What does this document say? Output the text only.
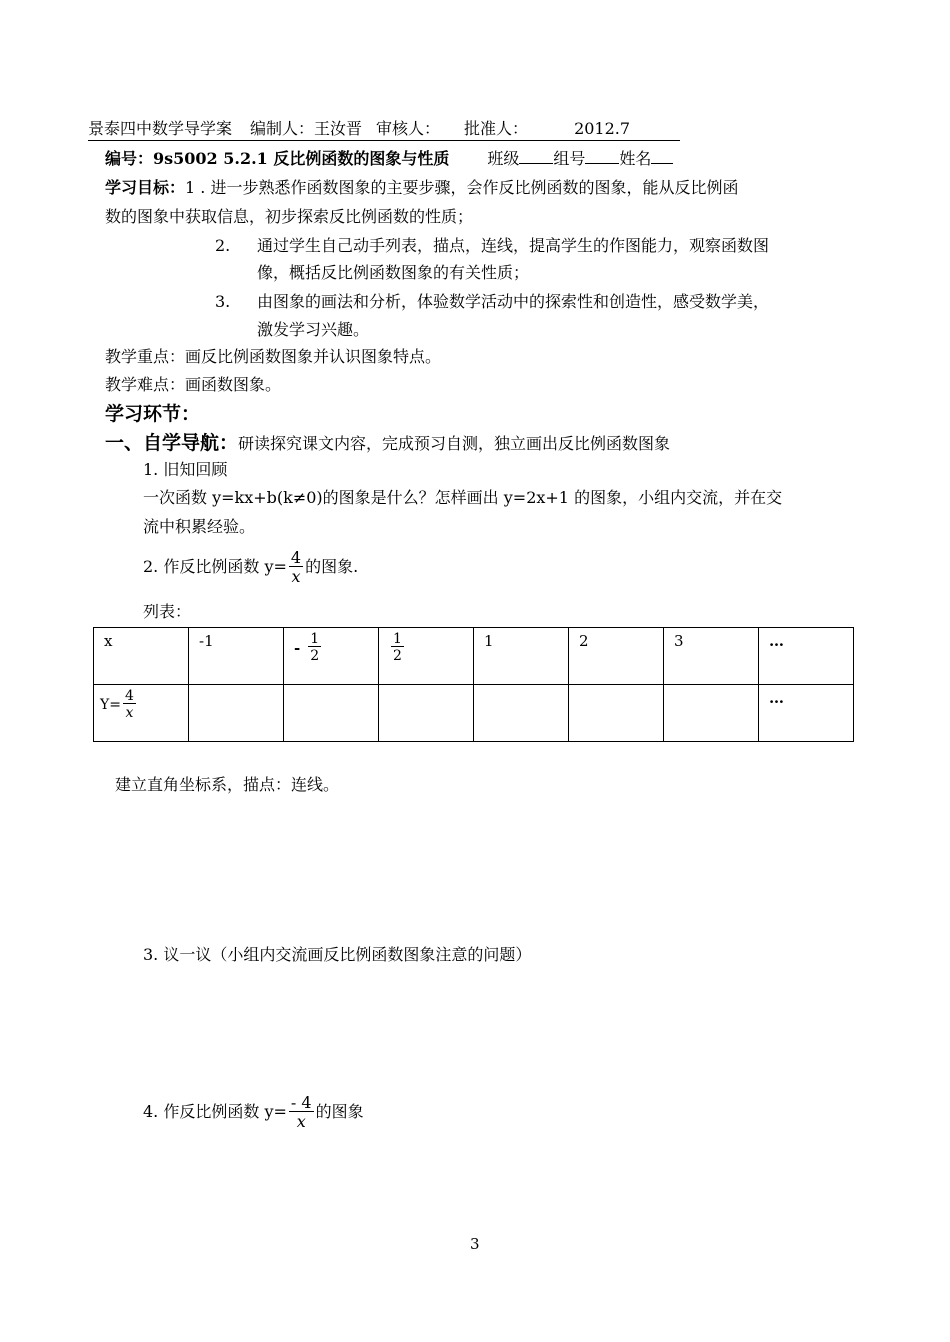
景泰四中数学导学案 编制人：王汝晋 审核人： 批准人：	2012.7
编号：9s5002 5.2.1 反比例函数的图象与性质 班级 组号 姓名
学习目标：1 . 进一步熟悉作函数图象的主要步骤，会作反比例函数的图象，能从反比例函
数的图象中获取信息，初步探索反比例函数的性质；
2. 通过学生自己动手列表，描点，连线，提高学生的作图能力，观察函数图
像，概括反比例函数图象的有关性质；
3. 由图象的画法和分析，体验数学活动中的探索性和创造性，感受数学美，
激发学习兴趣。
教学重点：画反比例函数图象并认识图象特点。
教学难点：画函数图象。
学习环节：
一、自学导航：研读探究课文内容，完成预习自测，独立画出反比例函数图象
1. 旧知回顾
一次函数 y=kx+b(k≠0)的图象是什么？怎样画出 y=2x+1 的图象，小组内交流，并在交
流中积累经验。
2. 作反比例函数 $y= \frac{4}{x}$ 的图象.
列表：
x	-1	- $\frac{1}{2}$	$\frac{1}{2}$	1	2	3	…

$Y= \frac{4}{x}$							…
建立直角坐标系，描点：连线。
3. 议一议（小组内交流画反比例函数图象注意的问题）
4. 作反比例函数 $y= \frac{- 4}{x}$ 的图象
3
